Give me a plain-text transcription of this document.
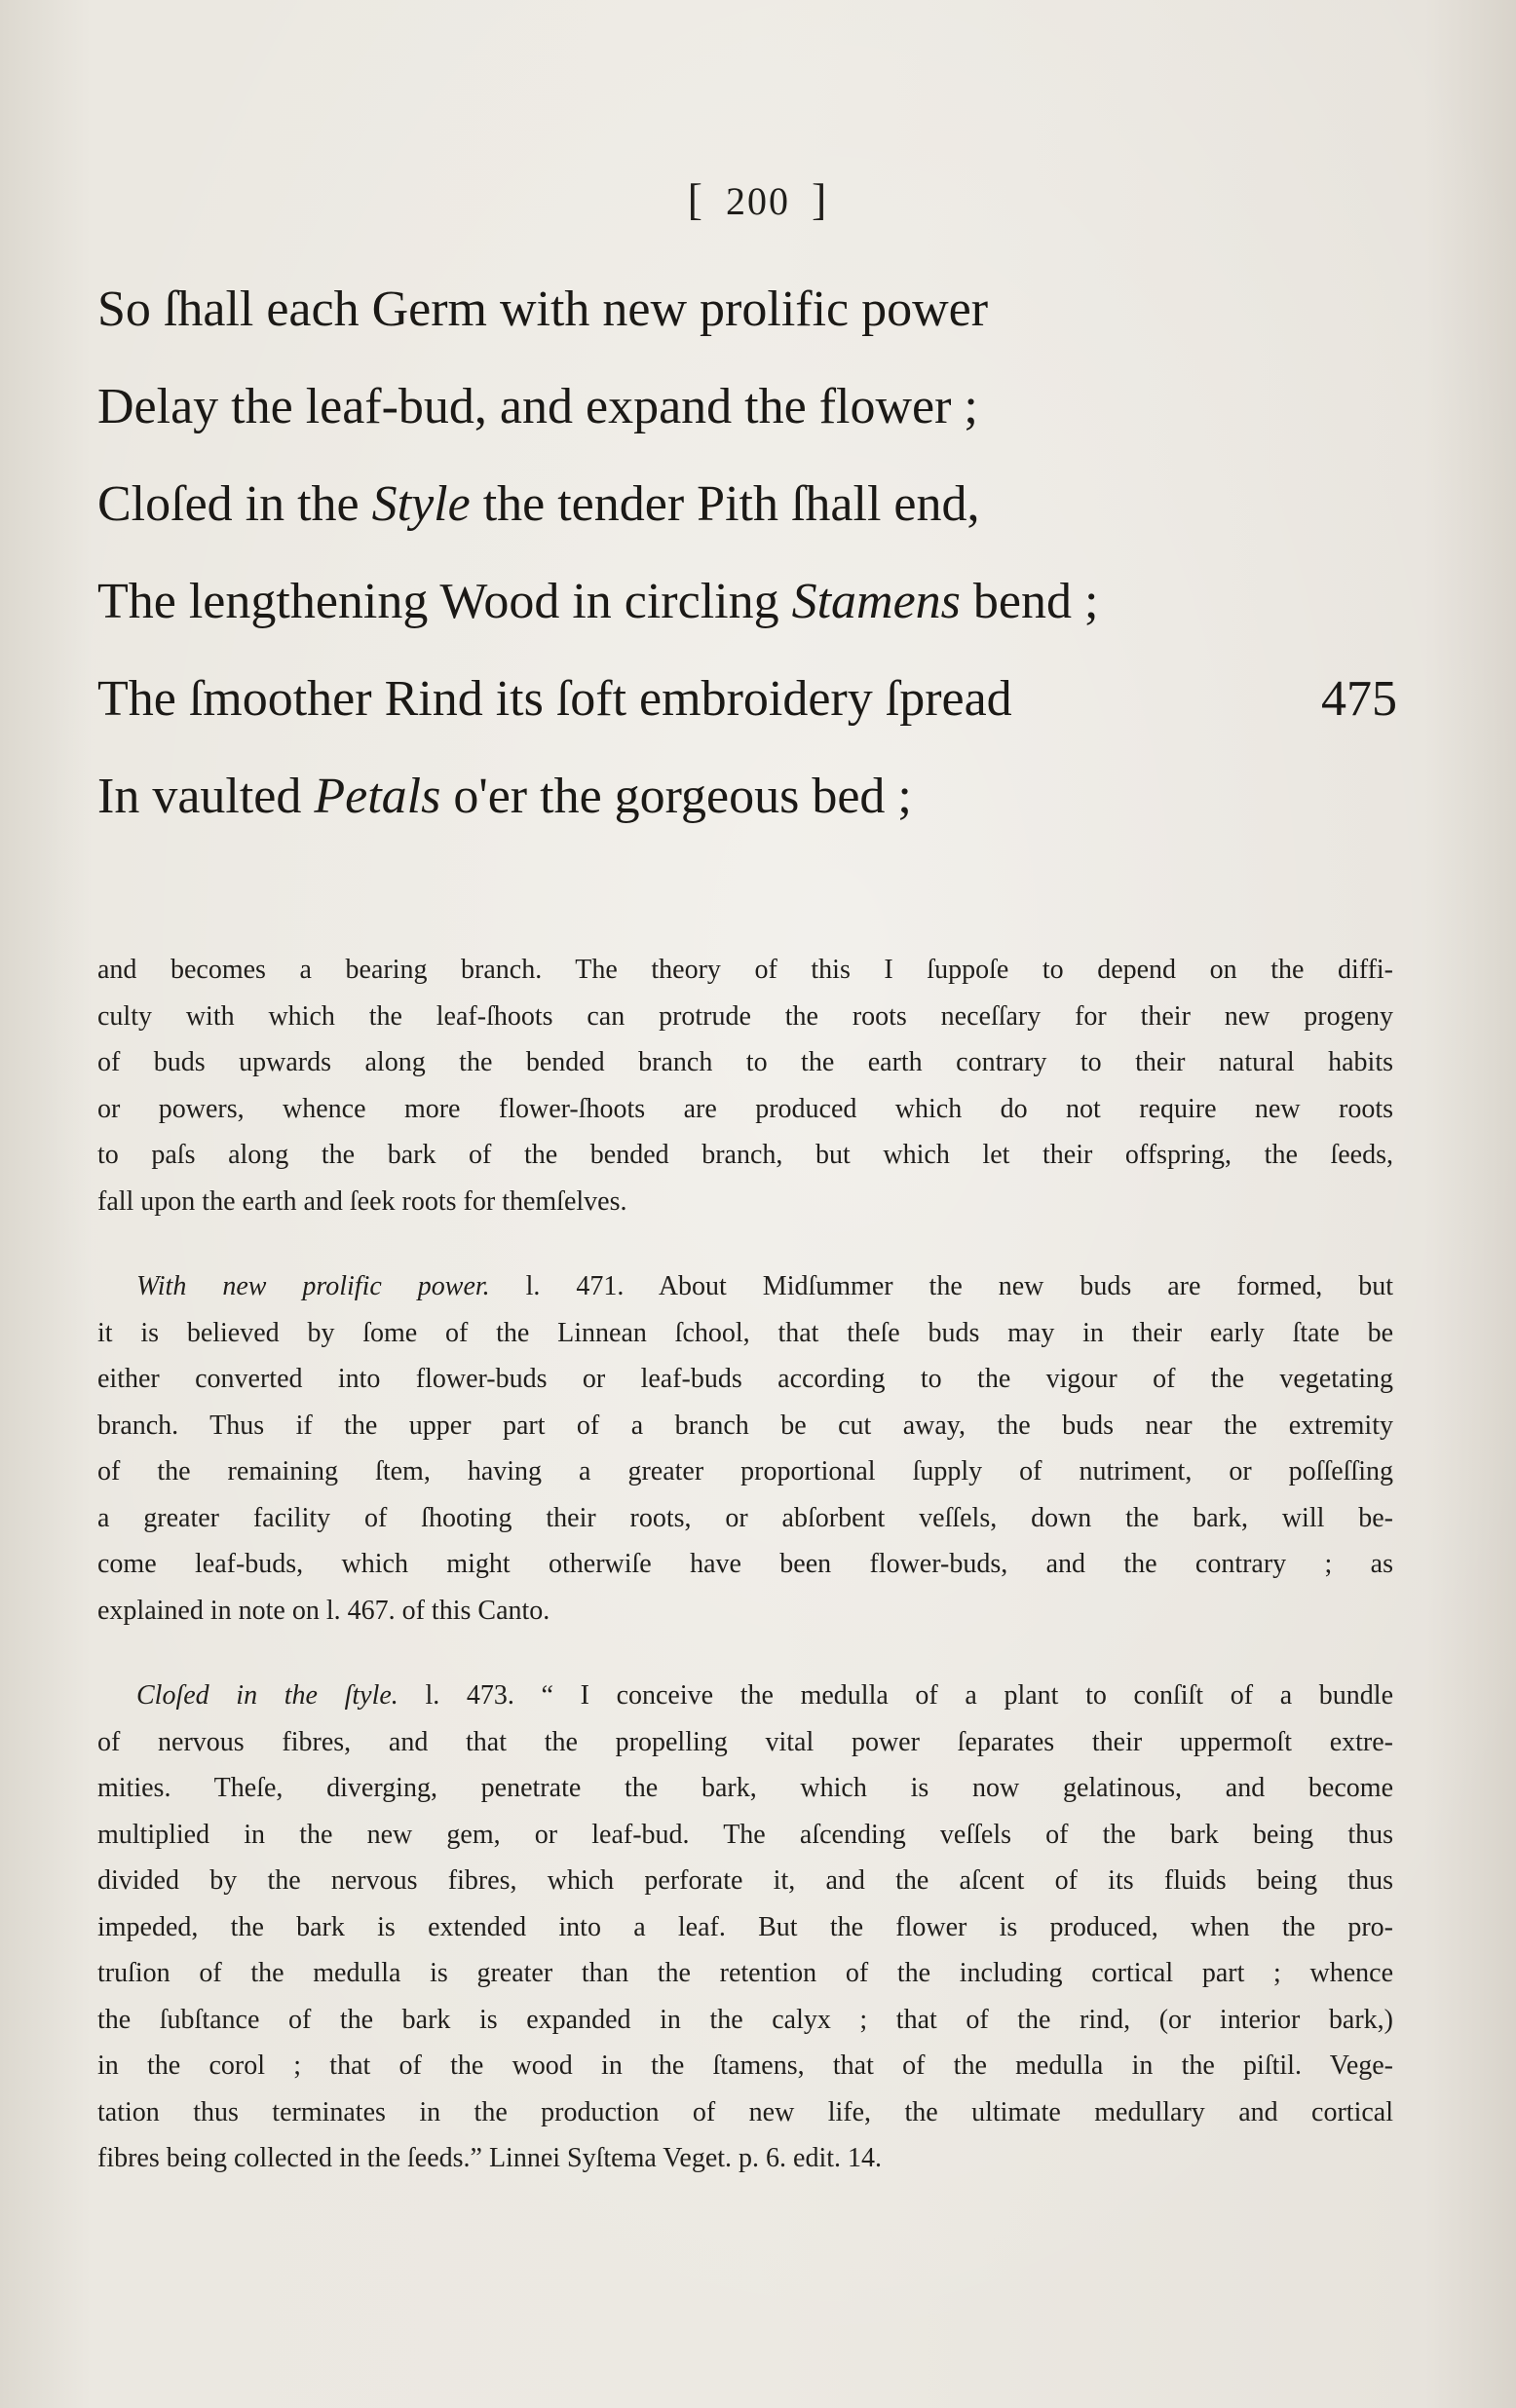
[ 200 ]
So ſhall each Germ with new prolific power
Delay the leaf-bud, and expand the flower ;
Cloſed in the Style the tender Pith ſhall end,
The lengthening Wood in circling Stamens bend ;
The ſmoother Rind its ſoft embroidery ſpread	475
In vaulted Petals o'er the gorgeous bed ;
and becomes a bearing branch. The theory of this I ſuppoſe to depend on the diffi-
culty with which the leaf-ſhoots can protrude the roots neceſſary for their new progeny
of buds upwards along the bended branch to the earth contrary to their natural habits
or powers, whence more flower-ſhoots are produced which do not require new roots
to paſs along the bark of the bended branch, but which let their offspring, the ſeeds,
fall upon the earth and ſeek roots for themſelves.
With new prolific power. l. 471. About Midſummer the new buds are formed, but
it is believed by ſome of the Linnean ſchool, that theſe buds may in their early ſtate be
either converted into flower-buds or leaf-buds according to the vigour of the vegetating
branch. Thus if the upper part of a branch be cut away, the buds near the extremity
of the remaining ſtem, having a greater proportional ſupply of nutriment, or poſſeſſing
a greater facility of ſhooting their roots, or abſorbent veſſels, down the bark, will be-
come leaf-buds, which might otherwiſe have been flower-buds, and the contrary ; as
explained in note on l. 467. of this Canto.
Cloſed in the ſtyle. l. 473. “ I conceive the medulla of a plant to conſiſt of a bundle
of nervous fibres, and that the propelling vital power ſeparates their uppermoſt extre-
mities. Theſe, diverging, penetrate the bark, which is now gelatinous, and become
multiplied in the new gem, or leaf-bud. The aſcending veſſels of the bark being thus
divided by the nervous fibres, which perforate it, and the aſcent of its fluids being thus
impeded, the bark is extended into a leaf. But the flower is produced, when the pro-
truſion of the medulla is greater than the retention of the including cortical part ; whence
the ſubſtance of the bark is expanded in the calyx ; that of the rind, (or interior bark,)
in the corol ; that of the wood in the ſtamens, that of the medulla in the piſtil. Vege-
tation thus terminates in the production of new life, the ultimate medullary and cortical
fibres being collected in the ſeeds.” Linnei Syſtema Veget. p. 6. edit. 14.
